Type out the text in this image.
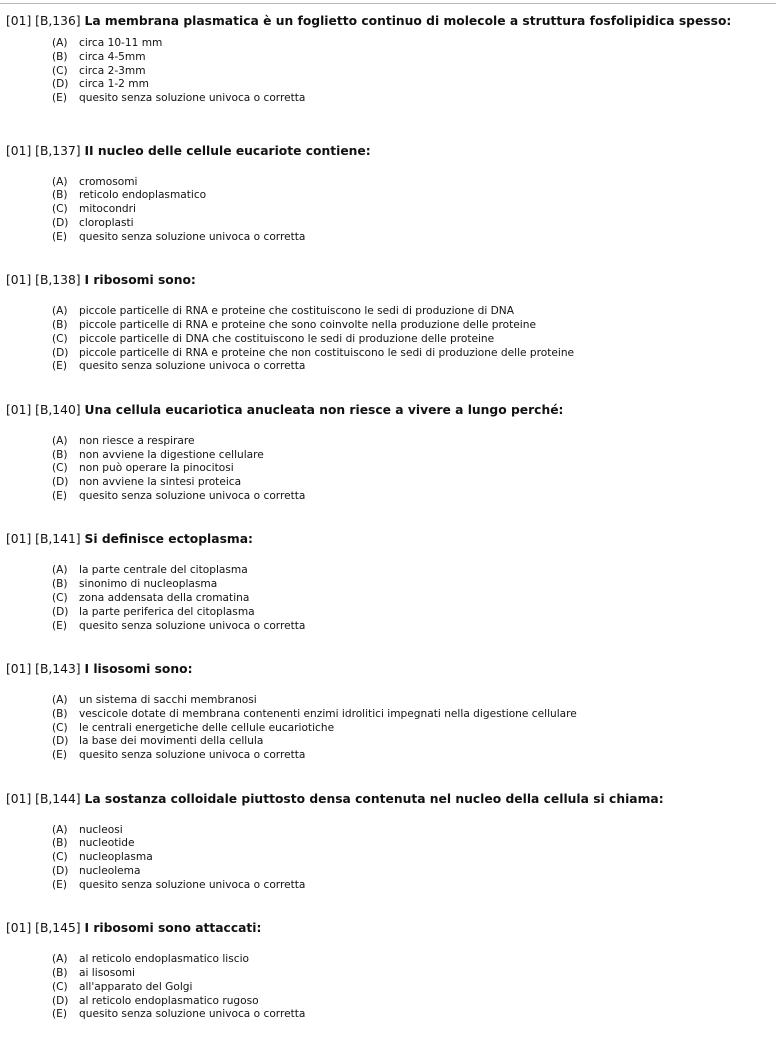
[01] [B,136] La membrana plasmatica è un foglietto continuo di molecole a struttura fosfolipidica spesso:

(A) circa 10-11 mm
(B) circa 4-5mm
(C) circa 2-3mm
(D) circa 1-2 mm
(E) quesito senza soluzione univoca o corretta

[01] [B,137] II nucleo delle cellule eucariote contiene:

(A) cromosomi
(B) reticolo endoplasmatico
(C) mitocondri
(D) cloroplasti
(E) quesito senza soluzione univoca o corretta

[01] [B,138] I ribosomi sono:

(A) piccole particelle di RNA e proteine che costituiscono le sedi di produzione di DNA
(B) piccole particelle di RNA e proteine che sono coinvolte nella produzione delle proteine
(C) piccole particelle di DNA che costituiscono le sedi di produzione delle proteine
(D) piccole particelle di RNA e proteine che non costituiscono le sedi di produzione delle proteine
(E) quesito senza soluzione univoca o corretta

[01] [B,140] Una cellula eucariotica anucleata non riesce a vivere a lungo perché:

(A) non riesce a respirare
(B) non avviene la digestione cellulare
(C) non può operare la pinocitosi
(D) non avviene la sintesi proteica
(E) quesito senza soluzione univoca o corretta

[01] [B,141] Si definisce ectoplasma:

(A) la parte centrale del citoplasma
(B) sinonimo di nucleoplasma
(C) zona addensata della cromatina
(D) la parte periferica del citoplasma
(E) quesito senza soluzione univoca o corretta

[01] [B,143] I lisosomi sono:

(A) un sistema di sacchi membranosi
(B) vescicole dotate di membrana contenenti enzimi idrolitici impegnati nella digestione cellulare
(C) le centrali energetiche delle cellule eucariotiche
(D) la base dei movimenti della cellula
(E) quesito senza soluzione univoca o corretta

[01] [B,144] La sostanza colloidale piuttosto densa contenuta nel nucleo della cellula si chiama:

(A) nucleosi
(B) nucleotide
(C) nucleoplasma
(D) nucleolema
(E) quesito senza soluzione univoca o corretta

[01] [B,145] I ribosomi sono attaccati:

(A) al reticolo endoplasmatico liscio
(B) ai lisosomi
(C) all'apparato del Golgi
(D) al reticolo endoplasmatico rugoso
(E) quesito senza soluzione univoca o corretta
